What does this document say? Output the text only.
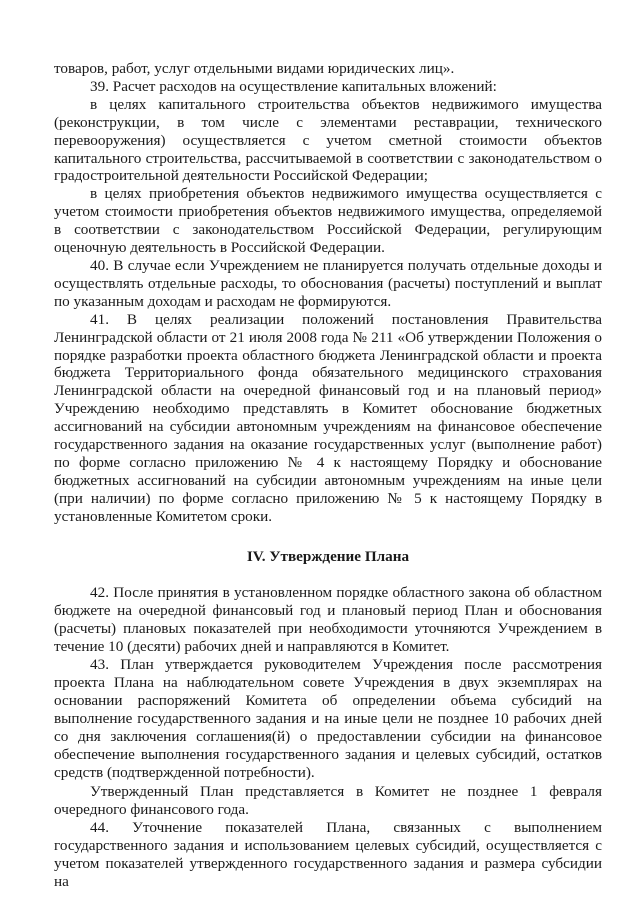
товаров, работ, услуг отдельными видами юридических лиц».

39. Расчет расходов на осуществление капитальных вложений:

в целях капитального строительства объектов недвижимого имущества (реконструкции, в том числе с элементами реставрации, технического перевооружения) осуществляется с учетом сметной стоимости объектов капитального строительства, рассчитываемой в соответствии с законодательством о градостроительной деятельности Российской Федерации;

в целях приобретения объектов недвижимого имущества осуществляется с учетом стоимости приобретения объектов недвижимого имущества, определяемой в соответствии с законодательством Российской Федерации, регулирующим оценочную деятельность в Российской Федерации.

40. В случае если Учреждением не планируется получать отдельные доходы и осуществлять отдельные расходы, то обоснования (расчеты) поступлений и выплат по указанным доходам и расходам не формируются.

41. В целях реализации положений постановления Правительства Ленинградской области от 21 июля 2008 года № 211 «Об утверждении Положения о порядке разработки проекта областного бюджета Ленинградской области и проекта бюджета Территориального фонда обязательного медицинского страхования Ленинградской области на очередной финансовый год и на плановый период» Учреждению необходимо представлять в Комитет обоснование бюджетных ассигнований на субсидии автономным учреждениям на финансовое обеспечение государственного задания на оказание государственных услуг (выполнение работ) по форме согласно приложению № 4 к настоящему Порядку и обоснование бюджетных ассигнований на субсидии автономным учреждениям на иные цели (при наличии) по форме согласно приложению № 5 к настоящему Порядку в установленные Комитетом сроки.

IV. Утверждение Плана

42. После принятия в установленном порядке областного закона об областном бюджете на очередной финансовый год и плановый период План и обоснования (расчеты) плановых показателей при необходимости уточняются Учреждением в течение 10 (десяти) рабочих дней и направляются в Комитет.

43. План утверждается руководителем Учреждения после рассмотрения проекта Плана на наблюдательном совете Учреждения в двух экземплярах на основании распоряжений Комитета об определении объема субсидий на выполнение государственного задания и на иные цели не позднее 10 рабочих дней со дня заключения соглашения(й) о предоставлении субсидии на финансовое обеспечение выполнения государственного задания и целевых субсидий, остатков средств (подтвержденной потребности).

Утвержденный План представляется в Комитет не позднее 1 февраля очередного финансового года.

44. Уточнение показателей Плана, связанных с выполнением государственного задания и использованием целевых субсидий, осуществляется с учетом показателей утвержденного государственного задания и размера субсидии на
